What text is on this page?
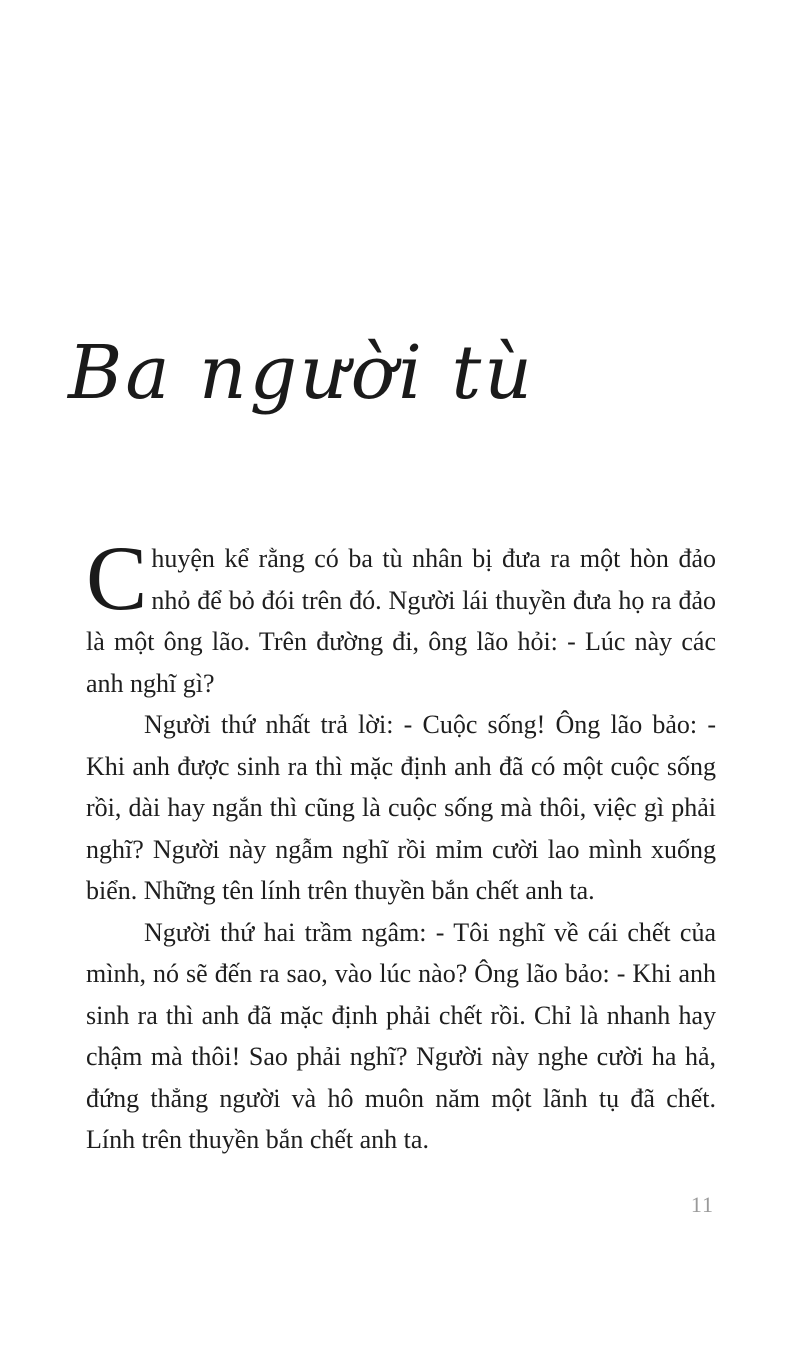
Ba người tù

Chuyện kể rằng có ba tù nhân bị đưa ra một hòn đảo nhỏ để bỏ đói trên đó. Người lái thuyền đưa họ ra đảo là một ông lão. Trên đường đi, ông lão hỏi: - Lúc này các anh nghĩ gì?

Người thứ nhất trả lời: - Cuộc sống! Ông lão bảo: - Khi anh được sinh ra thì mặc định anh đã có một cuộc sống rồi, dài hay ngắn thì cũng là cuộc sống mà thôi, việc gì phải nghĩ? Người này ngẫm nghĩ rồi mỉm cười lao mình xuống biển. Những tên lính trên thuyền bắn chết anh ta.

Người thứ hai trầm ngâm: - Tôi nghĩ về cái chết của mình, nó sẽ đến ra sao, vào lúc nào? Ông lão bảo: - Khi anh sinh ra thì anh đã mặc định phải chết rồi. Chỉ là nhanh hay chậm mà thôi! Sao phải nghĩ? Người này nghe cười ha hả, đứng thẳng người và hô muôn năm một lãnh tụ đã chết. Lính trên thuyền bắn chết anh ta.

11
